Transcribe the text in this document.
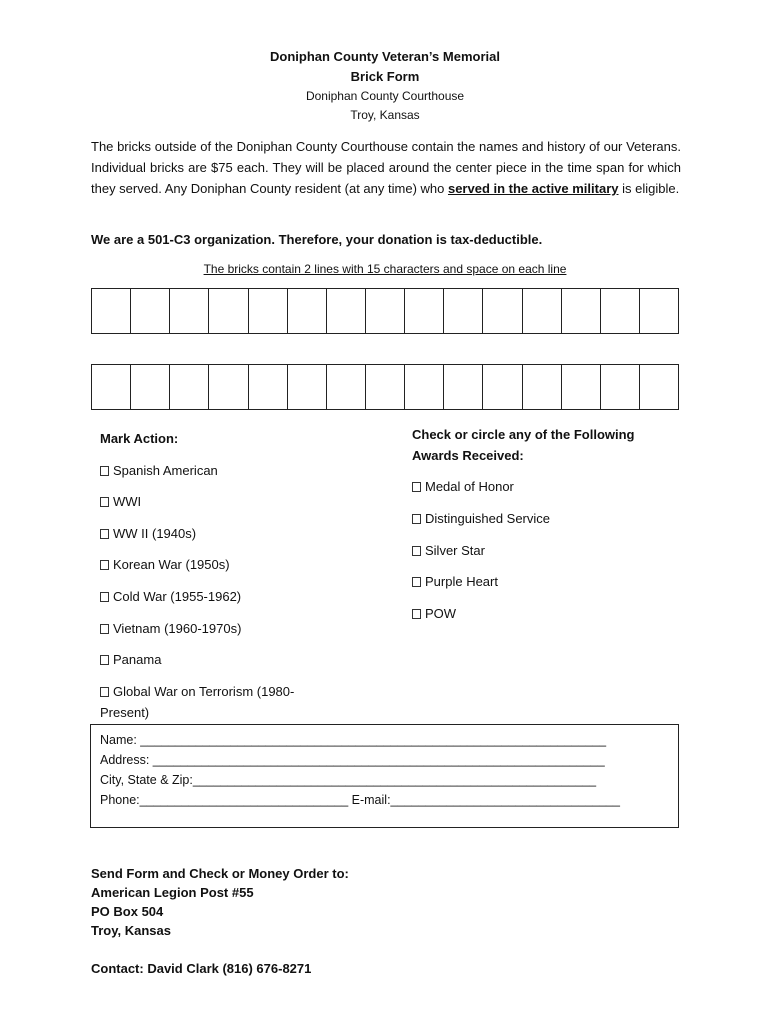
Doniphan County Veteran’s Memorial
Brick Form
Doniphan County Courthouse
Troy, Kansas
The bricks outside of the Doniphan County Courthouse contain the names and history of our Veterans. Individual bricks are $75 each. They will be placed around the center piece in the time span for which they served. Any Doniphan County resident (at any time) who served in the active military is eligible.
We are a 501-C3 organization. Therefore, your donation is tax-deductible.
The bricks contain 2 lines with 15 characters and space on each line
Mark Action:
Spanish American
WWI
WW II (1940s)
Korean War (1950s)
Cold War (1955-1962)
Vietnam (1960-1970s)
Panama
Global War on Terrorism (1980-
Present)
Check or circle any of the Following
Awards Received:
Medal of Honor
Distinguished Service
Silver Star
Purple Heart
POW
Name: ___________________________________________________________________
Address: _________________________________________________________________
City, State & Zip:__________________________________________________________
Phone:______________________________ E-mail:_________________________________
Send Form and Check or Money Order to:
American Legion Post #55
PO Box 504
Troy, Kansas
Contact: David Clark (816) 676-8271
